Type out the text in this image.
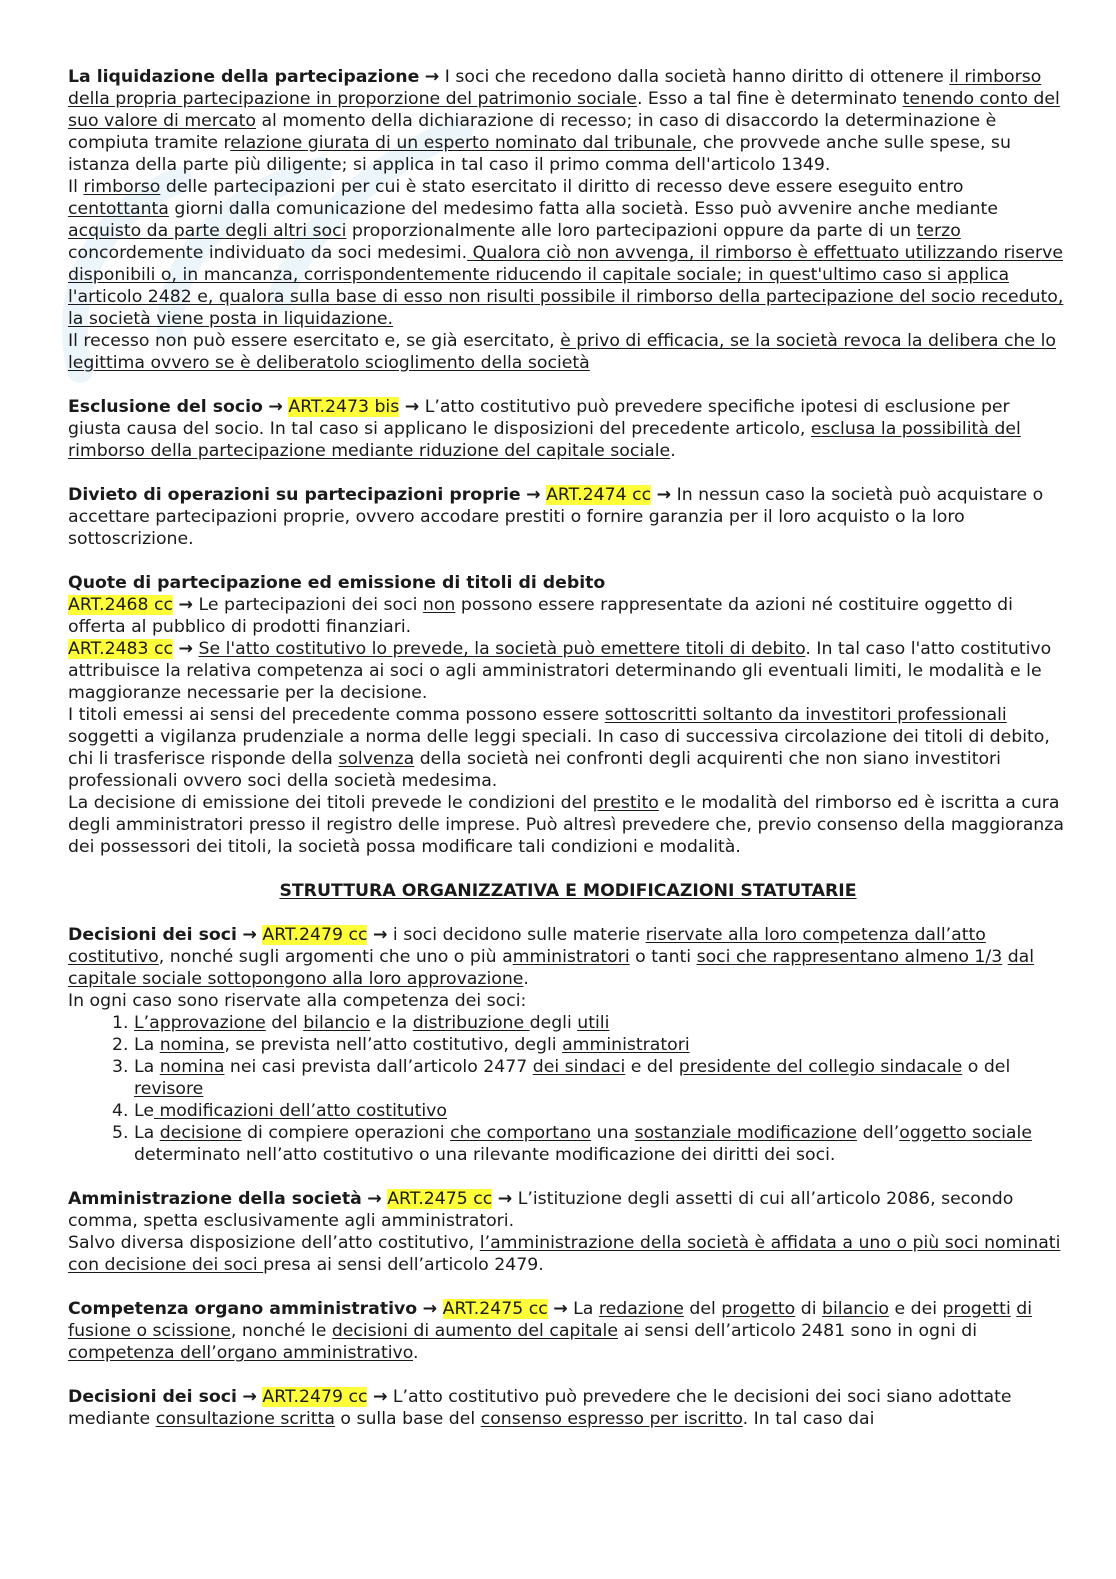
La liquidazione della partecipazione → I soci che recedono dalla società hanno diritto di ottenere il rimborso della propria partecipazione in proporzione del patrimonio sociale. Esso a tal fine è determinato tenendo conto del suo valore di mercato al momento della dichiarazione di recesso; in caso di disaccordo la determinazione è compiuta tramite relazione giurata di un esperto nominato dal tribunale, che provvede anche sulle spese, su istanza della parte più diligente; si applica in tal caso il primo comma dell'articolo 1349.

Il rimborso delle partecipazioni per cui è stato esercitato il diritto di recesso deve essere eseguito entro centottanta giorni dalla comunicazione del medesimo fatta alla società. Esso può avvenire anche mediante acquisto da parte degli altri soci proporzionalmente alle loro partecipazioni oppure da parte di un terzo concordemente individuato da soci medesimi. Qualora ciò non avvenga, il rimborso è effettuato utilizzando riserve disponibili o, in mancanza, corrispondentemente riducendo il capitale sociale; in quest'ultimo caso si applica l'articolo 2482 e, qualora sulla base di esso non risulti possibile il rimborso della partecipazione del socio receduto, la società viene posta in liquidazione.

Il recesso non può essere esercitato e, se già esercitato, è privo di efficacia, se la società revoca la delibera che lo legittima ovvero se è deliberatolo scioglimento della società

Esclusione del socio → ART.2473 bis → L’atto costitutivo può prevedere specifiche ipotesi di esclusione per giusta causa del socio. In tal caso si applicano le disposizioni del precedente articolo, esclusa la possibilità del rimborso della partecipazione mediante riduzione del capitale sociale.

Divieto di operazioni su partecipazioni proprie → ART.2474 cc → In nessun caso la società può acquistare o accettare partecipazioni proprie, ovvero accodare prestiti o fornire garanzia per il loro acquisto o la loro sottoscrizione.

Quote di partecipazione ed emissione di titoli di debito

ART.2468 cc → Le partecipazioni dei soci non possono essere rappresentate da azioni né costituire oggetto di offerta al pubblico di prodotti finanziari.

ART.2483 cc → Se l'atto costitutivo lo prevede, la società può emettere titoli di debito. In tal caso l'atto costitutivo attribuisce la relativa competenza ai soci o agli amministratori determinando gli eventuali limiti, le modalità e le maggioranze necessarie per la decisione.

I titoli emessi ai sensi del precedente comma possono essere sottoscritti soltanto da investitori professionali soggetti a vigilanza prudenziale a norma delle leggi speciali. In caso di successiva circolazione dei titoli di debito, chi li trasferisce risponde della solvenza della società nei confronti degli acquirenti che non siano investitori professionali ovvero soci della società medesima.

La decisione di emissione dei titoli prevede le condizioni del prestito e le modalità del rimborso ed è iscritta a cura degli amministratori presso il registro delle imprese. Può altresì prevedere che, previo consenso della maggioranza dei possessori dei titoli, la società possa modificare tali condizioni e modalità.

STRUTTURA ORGANIZZATIVA E MODIFICAZIONI STATUTARIE

Decisioni dei soci → ART.2479 cc → i soci decidono sulle materie riservate alla loro competenza dall’atto costitutivo, nonché sugli argomenti che uno o più amministratori o tanti soci che rappresentano almeno 1/3 dal capitale sociale sottopongono alla loro approvazione.

In ogni caso sono riservate alla competenza dei soci:

1. L’approvazione del bilancio e la distribuzione degli utili
2. La nomina, se prevista nell’atto costitutivo, degli amministratori
3. La nomina nei casi prevista dall’articolo 2477 dei sindaci e del presidente del collegio sindacale o del revisore
4. Le modificazioni dell’atto costitutivo
5. La decisione di compiere operazioni che comportano una sostanziale modificazione dell’oggetto sociale determinato nell’atto costitutivo o una rilevante modificazione dei diritti dei soci.

Amministrazione della società → ART.2475 cc → L’istituzione degli assetti di cui all’articolo 2086, secondo comma, spetta esclusivamente agli amministratori.

Salvo diversa disposizione dell’atto costitutivo, l’amministrazione della società è affidata a uno o più soci nominati con decisione dei soci presa ai sensi dell’articolo 2479.

Competenza organo amministrativo → ART.2475 cc → La redazione del progetto di bilancio e dei progetti di fusione o scissione, nonché le decisioni di aumento del capitale ai sensi dell’articolo 2481 sono in ogni di competenza dell’organo amministrativo.

Decisioni dei soci → ART.2479 cc → L’atto costitutivo può prevedere che le decisioni dei soci siano adottate mediante consultazione scritta o sulla base del consenso espresso per iscritto. In tal caso dai
